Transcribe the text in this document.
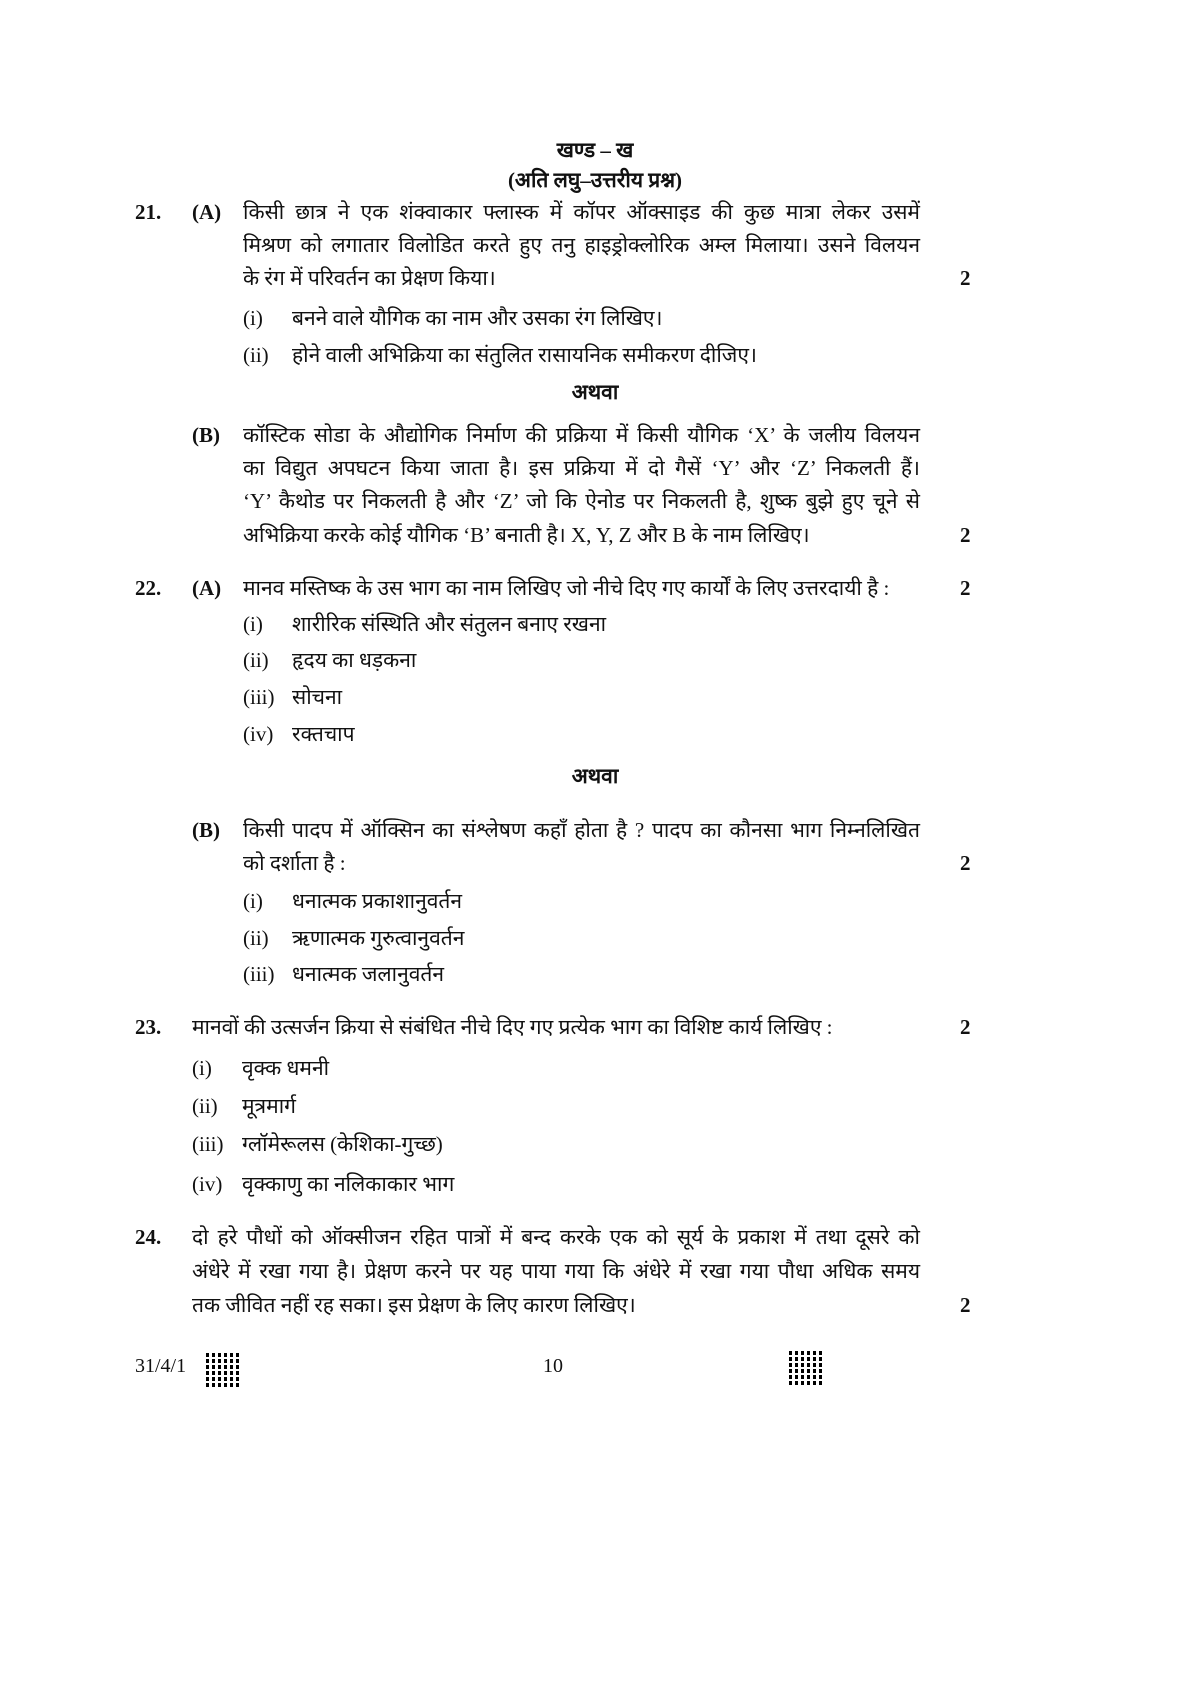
खण्ड – ख
(अति लघु–उत्तरीय प्रश्न)
21. (A) किसी छात्र ने एक शंक्वाकार फ्लास्क में कॉपर ऑक्साइड की कुछ मात्रा लेकर उसमें
मिश्रण को लगातार विलोडित करते हुए तनु हाइड्रोक्लोरिक अम्ल मिलाया। उसने विलयन
के रंग में परिवर्तन का प्रेक्षण किया।	2
(i) बनने वाले यौगिक का नाम और उसका रंग लिखिए।
(ii) होने वाली अभिक्रिया का संतुलित रासायनिक समीकरण दीजिए।
अथवा
(B) कॉस्टिक सोडा के औद्योगिक निर्माण की प्रक्रिया में किसी यौगिक ‘X’ के जलीय विलयन
का विद्युत अपघटन किया जाता है। इस प्रक्रिया में दो गैसें ‘Y’ और ‘Z’ निकलती हैं।
‘Y’ कैथोड पर निकलती है और ‘Z’ जो कि ऐनोड पर निकलती है, शुष्क बुझे हुए चूने से
अभिक्रिया करके कोई यौगिक ‘B’ बनाती है। X, Y, Z और B के नाम लिखिए।	2
22. (A) मानव मस्तिष्क के उस भाग का नाम लिखिए जो नीचे दिए गए कार्यों के लिए उत्तरदायी है :	2
(i) शारीरिक संस्थिति और संतुलन बनाए रखना
(ii) हृदय का धड़कना
(iii) सोचना
(iv) रक्तचाप
अथवा
(B) किसी पादप में ऑक्सिन का संश्लेषण कहाँ होता है ? पादप का कौनसा भाग निम्नलिखित
को दर्शाता है :	2
(i) धनात्मक प्रकाशानुवर्तन
(ii) ऋणात्मक गुरुत्वानुवर्तन
(iii) धनात्मक जलानुवर्तन
23. मानवों की उत्सर्जन क्रिया से संबंधित नीचे दिए गए प्रत्येक भाग का विशिष्ट कार्य लिखिए :	2
(i) वृक्क धमनी
(ii) मूत्रमार्ग
(iii) ग्लॉमेरूलस (केशिका-गुच्छ)
(iv) वृक्काणु का नलिकाकार भाग
24. दो हरे पौधों को ऑक्सीजन रहित पात्रों में बन्द करके एक को सूर्य के प्रकाश में तथा दूसरे को
अंधेरे में रखा गया है। प्रेक्षण करने पर यह पाया गया कि अंधेरे में रखा गया पौधा अधिक समय
तक जीवित नहीं रह सका। इस प्रेक्षण के लिए कारण लिखिए।	2
31/4/1	10
